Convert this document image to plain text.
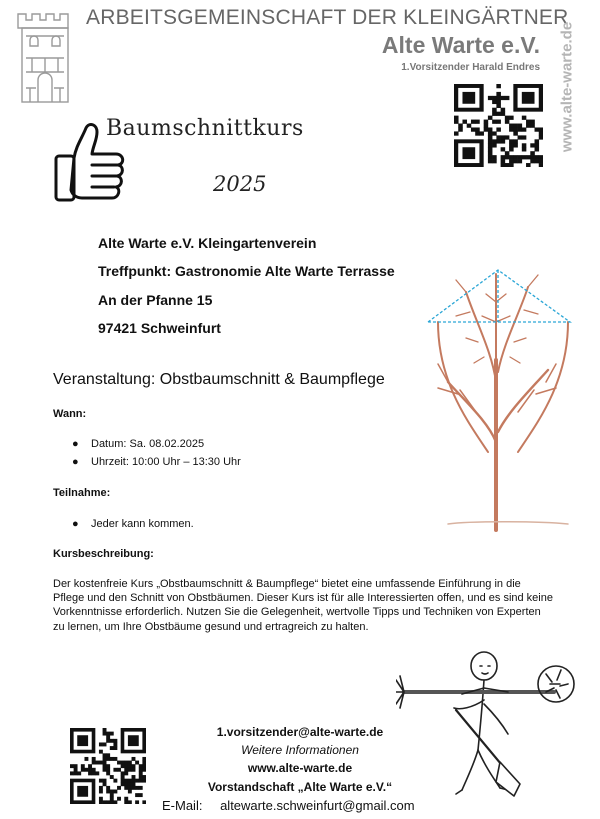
ARBEITSGEMEINSCHAFT DER KLEINGÄRTNER
Alte Warte e.V.
1.Vorsitzender Harald Endres www.alte-warte.de
Baumschnittkurs
2025
Alte Warte e.V. Kleingartenverein
Treffpunkt: Gastronomie Alte Warte Terrasse
An der Pfanne 15
97421 Schweinfurt
Veranstaltung: Obstbaumschnitt & Baumpflege
Wann:
● Datum: Sa. 08.02.2025
● Uhrzeit: 10:00 Uhr – 13:30 Uhr
Teilnahme:
● Jeder kann kommen.
Kursbeschreibung:
Der kostenfreie Kurs „Obstbaumschnitt & Baumpflege“ bietet eine umfassende Einführung in die Pflege und den Schnitt von Obstbäumen. Dieser Kurs ist für alle Interessierten offen, und es sind keine Vorkenntnisse erforderlich. Nutzen Sie die Gelegenheit, wertvolle Tipps und Techniken von Experten zu lernen, um Ihre Obstbäume gesund und ertragreich zu halten.
1.vorsitzender@alte-warte.de
Weitere Informationen
www.alte-warte.de
Vorstandschaft „Alte Warte e.V.“
E-Mail: altewarte.schweinfurt@gmail.com
